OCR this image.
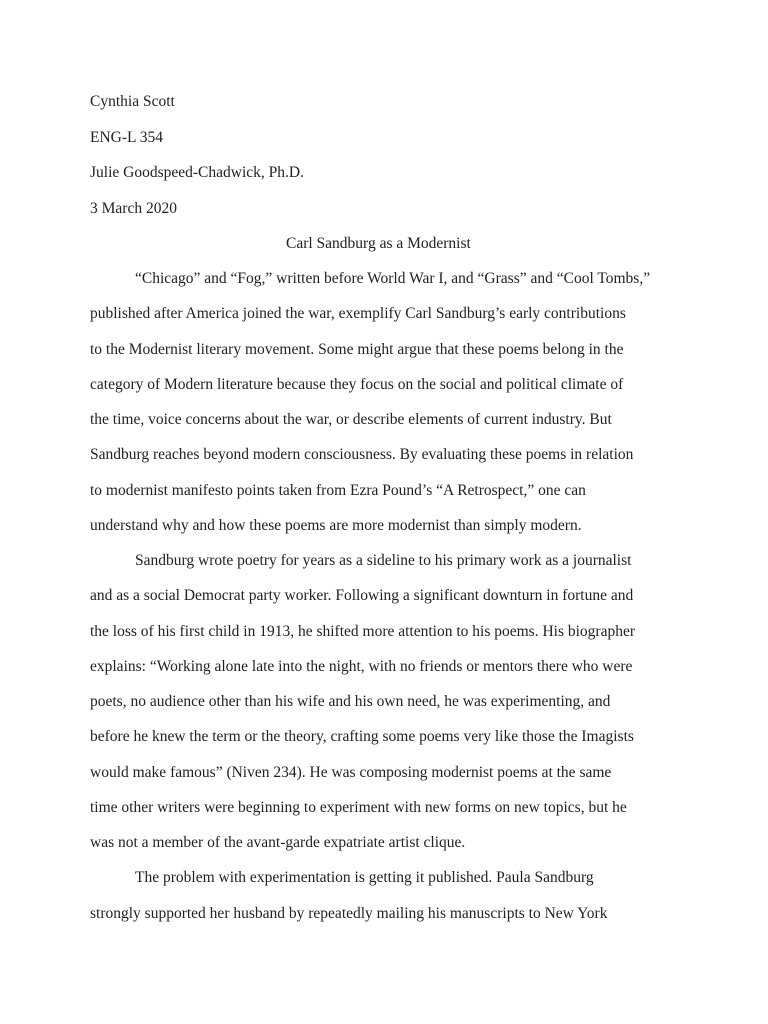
Cynthia Scott
ENG-L 354
Julie Goodspeed-Chadwick, Ph.D.
3 March 2020
Carl Sandburg as a Modernist
“Chicago” and “Fog,” written before World War I, and “Grass” and “Cool Tombs,”
published after America joined the war, exemplify Carl Sandburg’s early contributions
to the Modernist literary movement. Some might argue that these poems belong in the
category of Modern literature because they focus on the social and political climate of
the time, voice concerns about the war, or describe elements of current industry. But
Sandburg reaches beyond modern consciousness. By evaluating these poems in relation
to modernist manifesto points taken from Ezra Pound’s “A Retrospect,” one can
understand why and how these poems are more modernist than simply modern.
Sandburg wrote poetry for years as a sideline to his primary work as a journalist
and as a social Democrat party worker. Following a significant downturn in fortune and
the loss of his first child in 1913, he shifted more attention to his poems. His biographer
explains: “Working alone late into the night, with no friends or mentors there who were
poets, no audience other than his wife and his own need, he was experimenting, and
before he knew the term or the theory, crafting some poems very like those the Imagists
would make famous” (Niven 234). He was composing modernist poems at the same
time other writers were beginning to experiment with new forms on new topics, but he
was not a member of the avant-garde expatriate artist clique.
The problem with experimentation is getting it published. Paula Sandburg
strongly supported her husband by repeatedly mailing his manuscripts to New York
